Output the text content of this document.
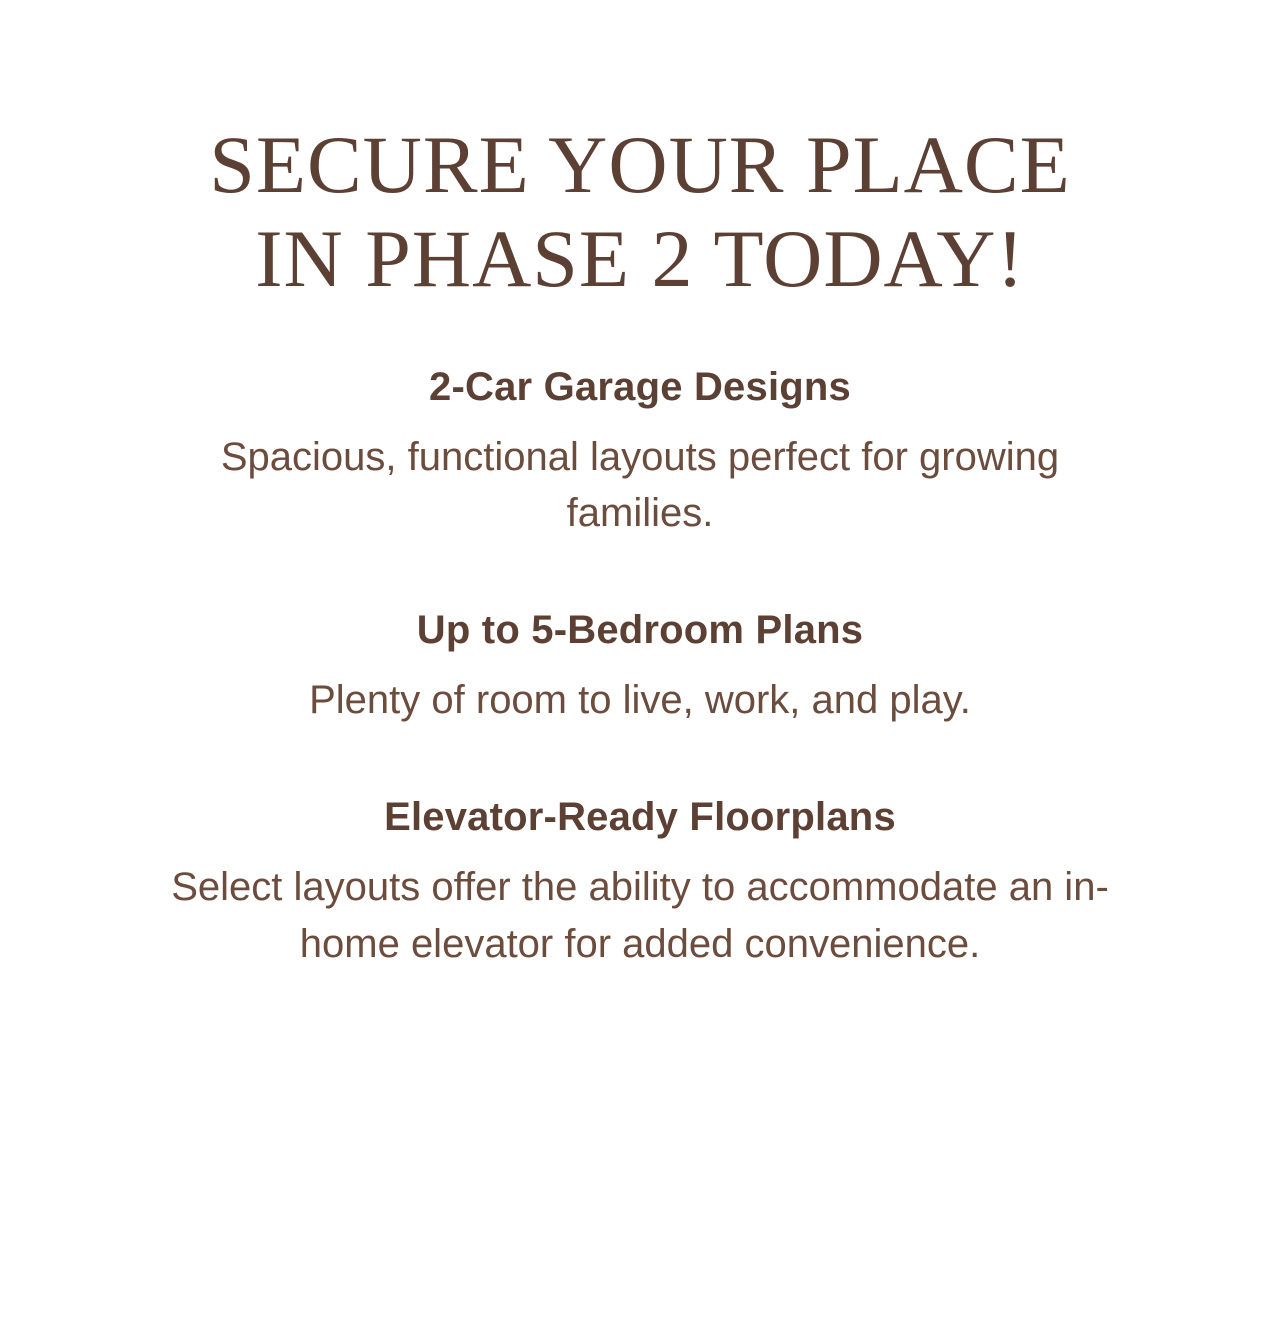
SECURE YOUR PLACE
IN PHASE 2 TODAY!
2-Car Garage Designs

Spacious, functional layouts perfect for growing families.

Up to 5-Bedroom Plans

Plenty of room to live, work, and play.

Elevator-Ready Floorplans

Select layouts offer the ability to accommodate an in-home elevator for added convenience.
